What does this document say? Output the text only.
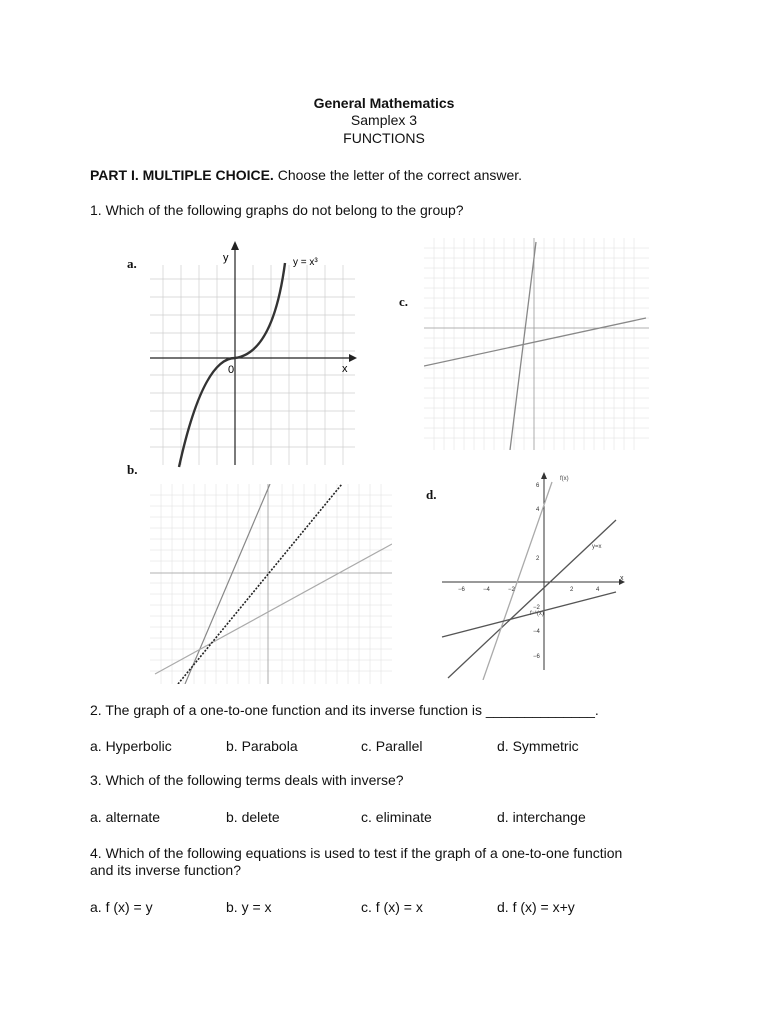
General Mathematics
Samplex 3
FUNCTIONS
PART I. MULTIPLE CHOICE. Choose the letter of the correct answer.
1. Which of the following graphs do not belong to the group?
a.	y
x
0
y = x³
c.
b.
d.
f(x)
y=x
f⁻¹(x)
x
−6	−4	−2	2	4
6
4
2
−2
−4
−6
2. The graph of a one-to-one function and its inverse function is ______________.
a. Hyperbolic	b. Parabola	c. Parallel	d. Symmetric
3. Which of the following terms deals with inverse?
a. alternate	b. delete	c. eliminate	d. interchange
4. Which of the following equations is used to test if the graph of a one-to-one function
and its inverse function?
a. f (x) = y	b. y = x	c. f (x) = x	d. f (x) = x+y
